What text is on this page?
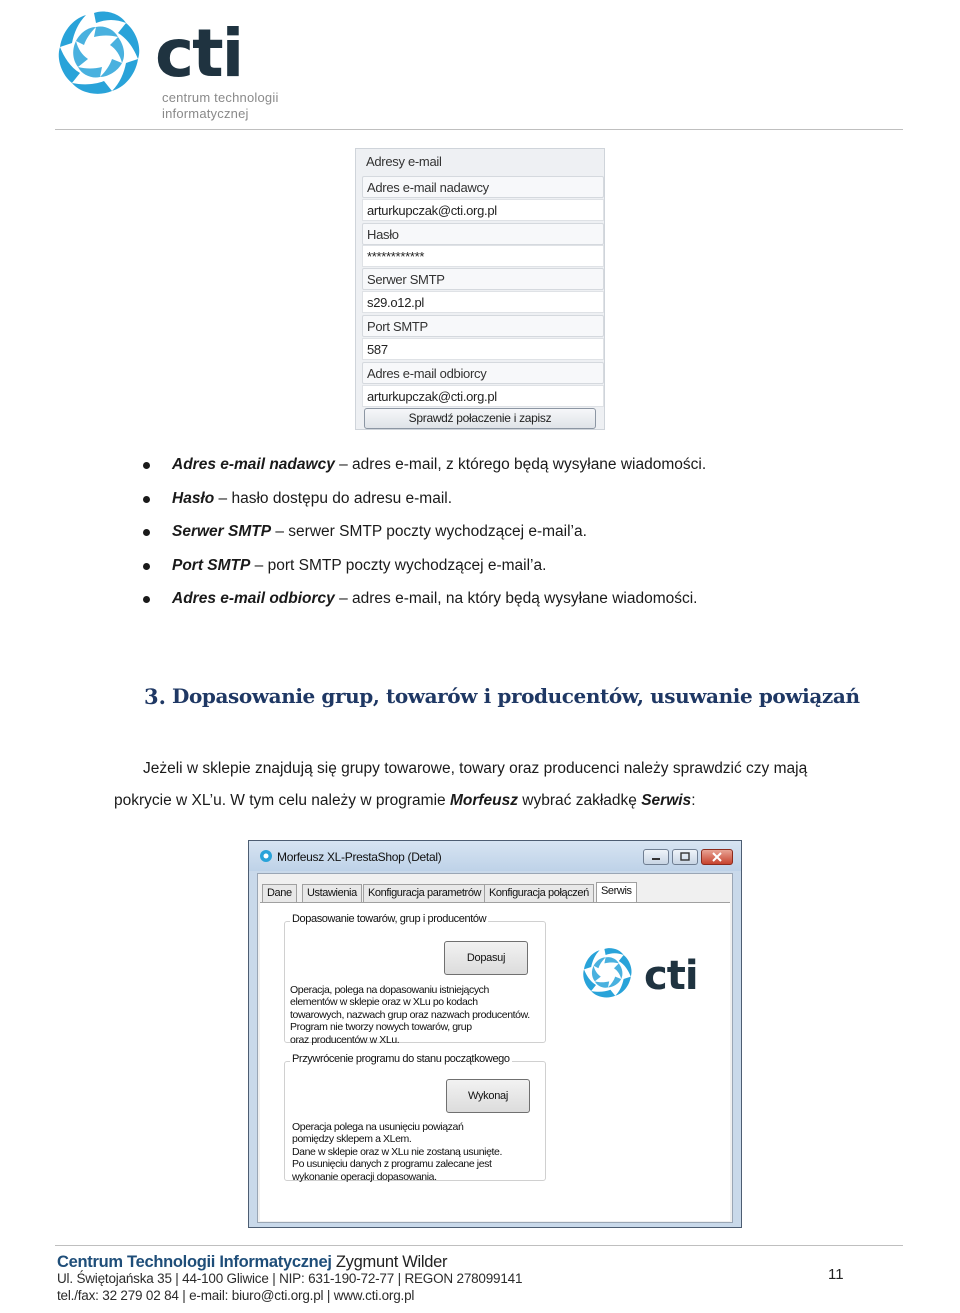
cti
centrum technologii
informatycznej
Adresy e-mail
Adres e-mail nadawcy
arturkupczak@cti.org.pl
Hasło
************
Serwer SMTP
s29.o12.pl
Port SMTP
587
Adres e-mail odbiorcy
arturkupczak@cti.org.pl
Sprawdź połaczenie i zapisz
Adres e-mail nadawcy – adres e-mail, z którego będą wysyłane wiadomości.
Hasło – hasło dostępu do adresu e-mail.
Serwer SMTP – serwer SMTP poczty wychodzącej e-mail’a.
Port SMTP – port SMTP poczty wychodzącej e-mail’a.
Adres e-mail odbiorcy – adres e-mail, na który będą wysyłane wiadomości.
3. Dopasowanie grup, towarów i producentów, usuwanie powiązań
Jeżeli w sklepie znajdują się grupy towarowe, towary oraz producenci należy sprawdzić czy mają
pokrycie w XL’u. W tym celu należy w programie Morfeusz wybrać zakładkę Serwis:
Morfeusz XL-PrestaShop (Detal)
Dane	Ustawienia	Konfiguracja parametrów Konfiguracja połączeń	Serwis
Dopasowanie towarów, grup i producentów
Dopasuj
Operacja, polega na dopasowaniu istniejących
elementów w sklepie oraz w XLu po kodach
towarowych, nazwach grup oraz nazwach producentów.
Program nie tworzy nowych towarów, grup
oraz producentów w XLu.
Przywrócenie programu do stanu początkowego
Wykonaj
Operacja polega na usunięciu powiązań
pomiędzy sklepem a XLem.
Dane w sklepie oraz w XLu nie zostaną usunięte.
Po usunięciu danych z programu zalecane jest
wykonanie operacji dopasowania.
cti
Centrum Technologii Informatycznej Zygmunt Wilder
Ul. Świętojańska 35 | 44-100 Gliwice | NIP: 631-190-72-77 | REGON 278099141
tel./fax: 32 279 02 84 | e-mail: biuro@cti.org.pl | www.cti.org.pl
11
